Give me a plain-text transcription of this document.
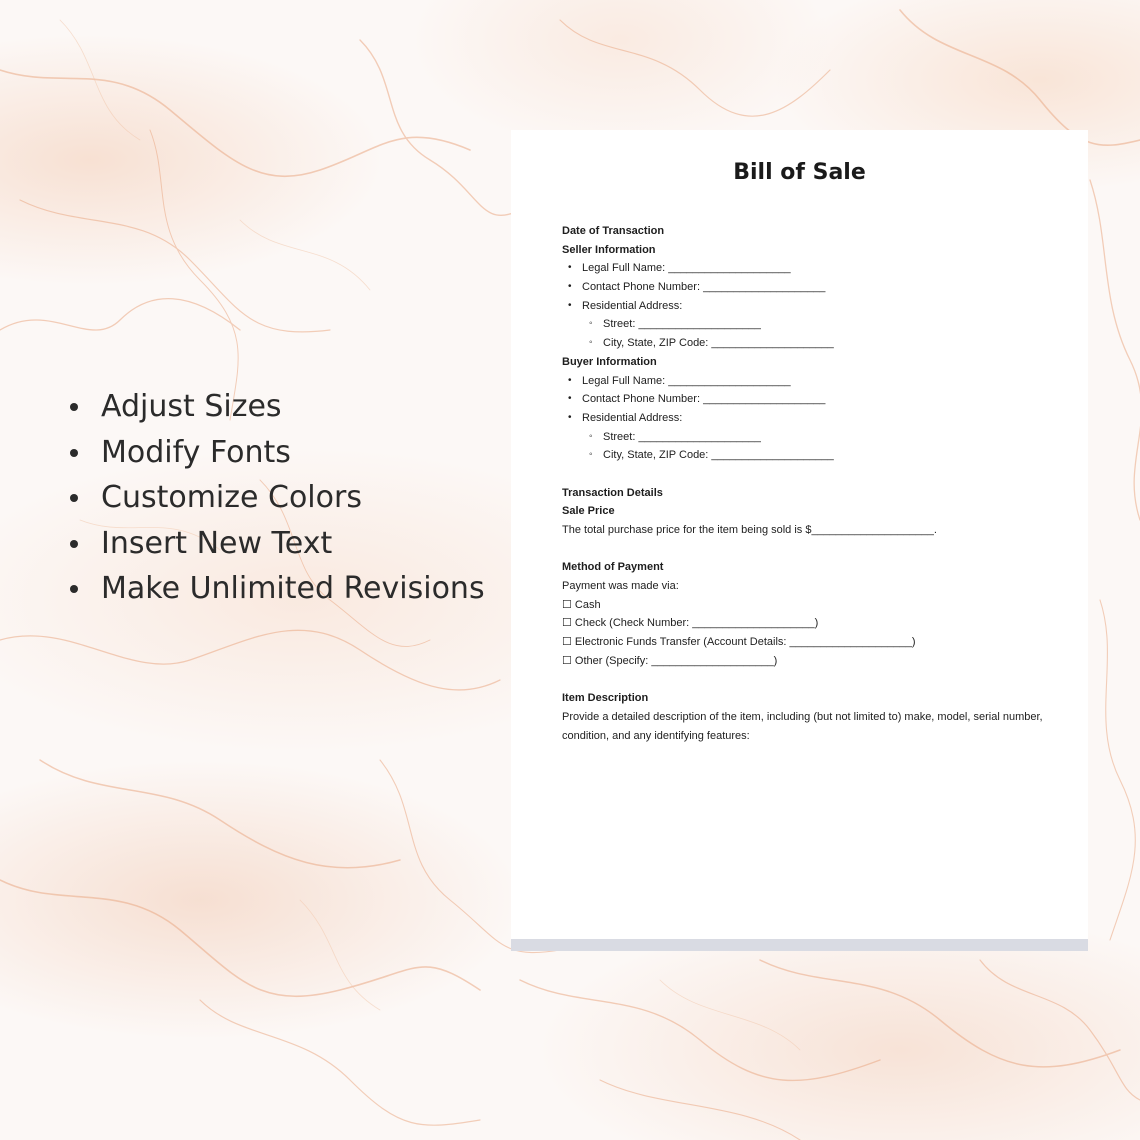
Adjust Sizes
Modify Fonts
Customize Colors
Insert New Text
Make Unlimited Revisions
Bill of Sale
Date of Transaction
Seller Information
• Legal Full Name: ____________________
• Contact Phone Number: ____________________
• Residential Address:
◦ Street: ____________________
◦ City, State, ZIP Code: ____________________
Buyer Information
• Legal Full Name: ____________________
• Contact Phone Number: ____________________
• Residential Address:
◦ Street: ____________________
◦ City, State, ZIP Code: ____________________
Transaction Details
Sale Price
The total purchase price for the item being sold is $____________________.
Method of Payment
Payment was made via:
☐ Cash
☐ Check (Check Number: ____________________)
☐ Electronic Funds Transfer (Account Details: ____________________)
☐ Other (Specify: ____________________)
Item Description
Provide a detailed description of the item, including (but not limited to) make, model, serial number, condition, and any identifying features:
